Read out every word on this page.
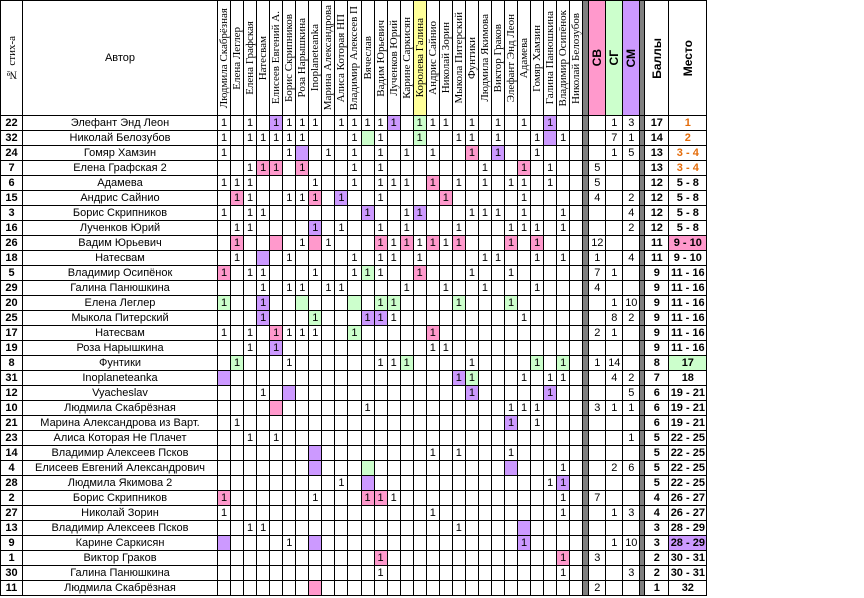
№ стих-а	Автор	Людмила Скабрёзная	Елена Леглер	Елена Графская	Натесвам	Елисеев Евгений А.	Борис Скрипников	Роза Нарышкина	Inoplaneteanka	Марина Александрова	Алиса Которая НП	Владимир Алексеев П	Вячеслав	Вадим Юрьевич	Лученков Юрий	Карине Саркисян	Королева Галина	Андрис Сайнио	Николай Зорин	Мыкола Питерский	Фунтики	Людмила Якимова	Виктор Граков	Элефант Энд Леон	Адамева	Гомяр Хамзин	Галина Панюшкина	Владимир Осипёнок	Николай Белозубов		СВ	СГ	СМ		Баллы	Место

22	Элефант Энд Леон	1		1		1	1	1	1		1	1	1	1	1		1	1	1		1		1		1		1					1	3		17	1
32	Николай Белозубов	1		1	1	1	1	1				1		1			1			1	1		1			1		1				7	1		14	2
24	Гомяр Хамзин	1					1			1		1		1		1		1			1		1			1						1	5		13	3 - 4
7	Елена Графская 2			1	1	1		1				1		1								1			1		1				5				13	3 - 4
6	Адамева	1	1	1					1			1		1	1	1		1		1		1		1	1		1				5				12	5 - 8
15	Андрис Сайнио		1	1			1	1	1		1			1					1						1						4		2		12	5 - 8
3	Борис Скрипников	1		1	1								1			1	1				1	1	1		1			1					4		12	5 - 8
16	Лученков Юрий		1	1					1		1			1		1				1				1	1	1		1					2		12	5 - 8
26	Вадим Юрьевич		1					1		1				1	1	1	1	1	1	1				1		1					12				11	9 - 10
18	Натесвам		1				1					1		1	1		1					1	1			1		1			1		4		11	9 - 10
5	Владимир Осипёнок	1		1	1				1			1	1	1			1				1			1							7	1			9	11 - 16
29	Галина Панюшкина				1		1	1		1	1					1			1			1				1					4				9	11 - 16
20	Елена Леглер	1			1									1	1					1				1								1	10		9	11 - 16
25	Мыкола Питерский				1				1				1	1	1										1							8	2		9	11 - 16
17	Натесвам	1		1		1	1	1	1			1						1													2	1			9	11 - 16
19	Роза Нарышкина			1		1												1	1																9	11 - 16
8	Фунтики		1				1							1	1	1					1					1		1			1	14			8	17
31	Inoplaneteanka																			1	1				1		1	1				4	2		7	18
12	Vyacheslav				1																1						1						5		6	19 - 21
10	Людмила Скабрёзная												1											1	1	1					3	1	1		6	19 - 21
21	Марина Александрова из Варт.		1																					1		1									6	19 - 21
23	Алиса Которая Не Плачет			1		1																											1		5	22 - 25
14	Владимир Алексеев Псков																	1		1				1											5	22 - 25
4	Елисеев Евгений Александрович																											1				2	6		5	22 - 25
28	Людмила Якимова 2										1																1	1							5	22 - 25
2	Борис Скрипников	1							1				1	1	1													1			7				4	26 - 27
27	Николай Зорин	1																1										1				1	3		4	26 - 27
13	Владимир Алексеев Псков			1	1															1															3	28 - 29
9	Карине Саркисян						1																		1							1	10		3	28 - 29
1	Виктор Граков													1														1			3				2	30 - 31
30	Галина Панюшкина													1														1					3		2	30 - 31
11	Людмила Скабрёзная																														2				1	32
